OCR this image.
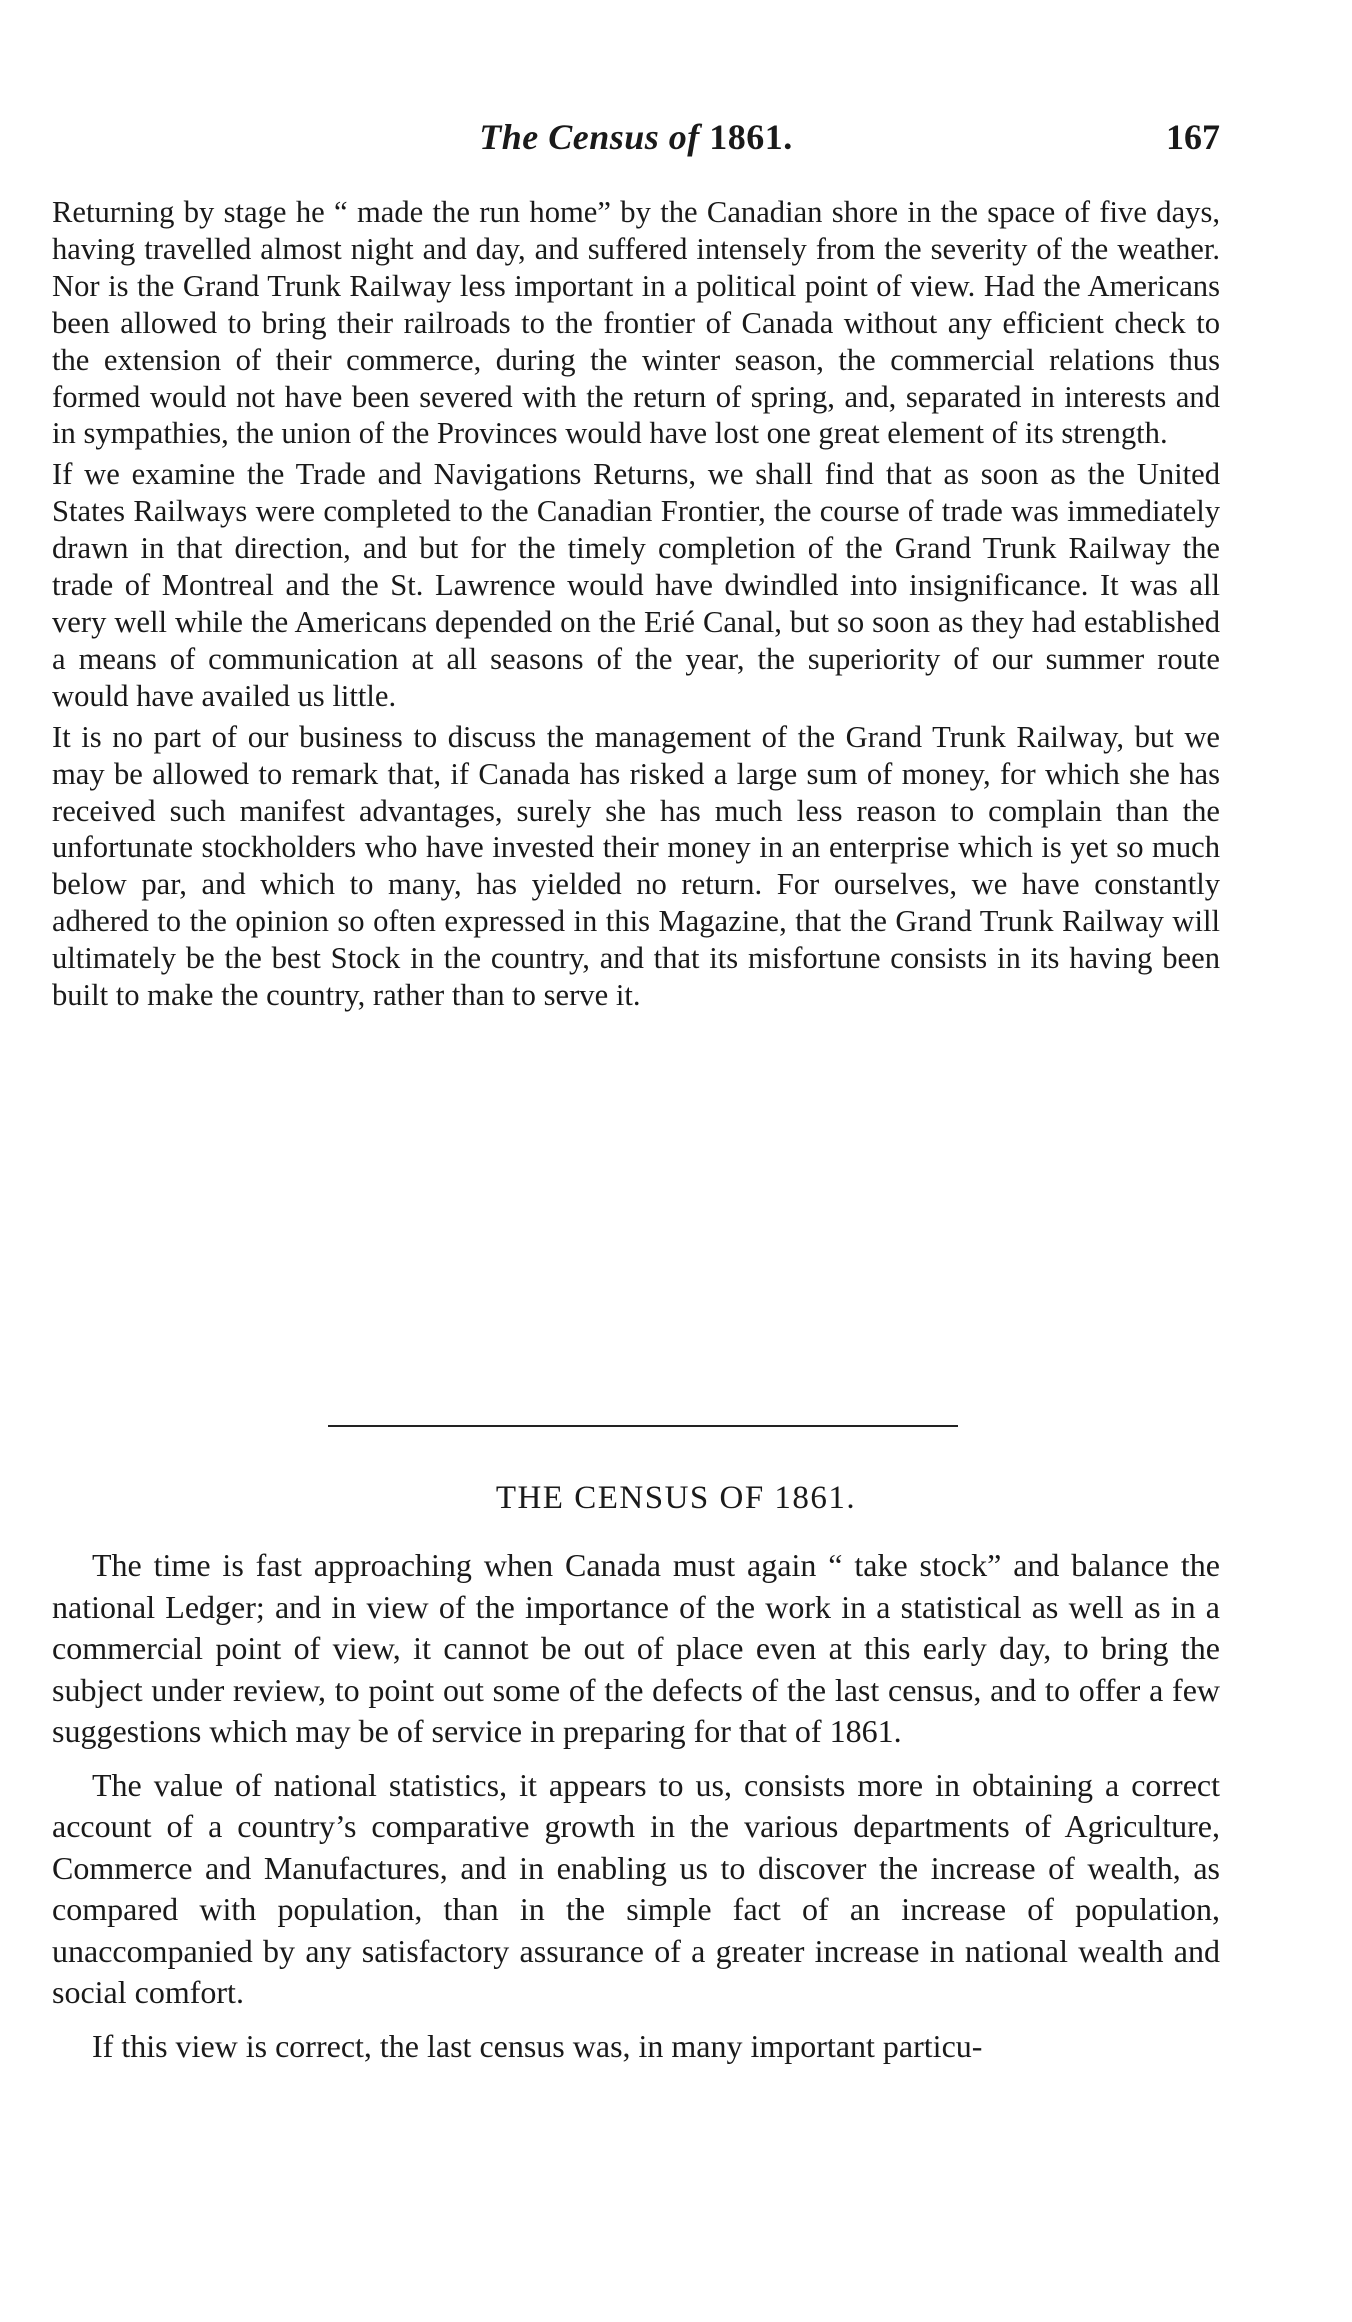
The Census of 1861.	167

Returning by stage he “ made the run home” by the Canadian shore in the space of five days, having travelled almost night and day, and suffered intensely from the severity of the weather. Nor is the Grand Trunk Railway less important in a political point of view. Had the Americans been allowed to bring their railroads to the frontier of Canada without any efficient check to the extension of their commerce, during the winter season, the commercial relations thus formed would not have been severed with the return of spring, and, separated in interests and in sympathies, the union of the Provinces would have lost one great element of its strength.

If we examine the Trade and Navigations Returns, we shall find that as soon as the United States Railways were completed to the Canadian Frontier, the course of trade was immediately drawn in that direction, and but for the timely completion of the Grand Trunk Railway the trade of Montreal and the St. Lawrence would have dwindled into insignificance. It was all very well while the Americans depended on the Erié Canal, but so soon as they had established a means of communication at all seasons of the year, the superiority of our summer route would have availed us little.

It is no part of our business to discuss the management of the Grand Trunk Railway, but we may be allowed to remark that, if Canada has risked a large sum of money, for which she has received such manifest advantages, surely she has much less reason to complain than the unfortunate stockholders who have invested their money in an enterprise which is yet so much below par, and which to many, has yielded no return. For ourselves, we have constantly adhered to the opinion so often expressed in this Magazine, that the Grand Trunk Railway will ultimately be the best Stock in the country, and that its misfortune consists in its having been built to make the country, rather than to serve it.

THE CENSUS OF 1861.

The time is fast approaching when Canada must again “ take stock” and balance the national Ledger; and in view of the importance of the work in a statistical as well as in a commercial point of view, it cannot be out of place even at this early day, to bring the subject under review, to point out some of the defects of the last census, and to offer a few suggestions which may be of service in preparing for that of 1861.

The value of national statistics, it appears to us, consists more in obtaining a correct account of a country’s comparative growth in the various departments of Agriculture, Commerce and Manufactures, and in enabling us to discover the increase of wealth, as compared with population, than in the simple fact of an increase of population, unaccompanied by any satisfactory assurance of a greater increase in national wealth and social comfort.

If this view is correct, the last census was, in many important particu-
